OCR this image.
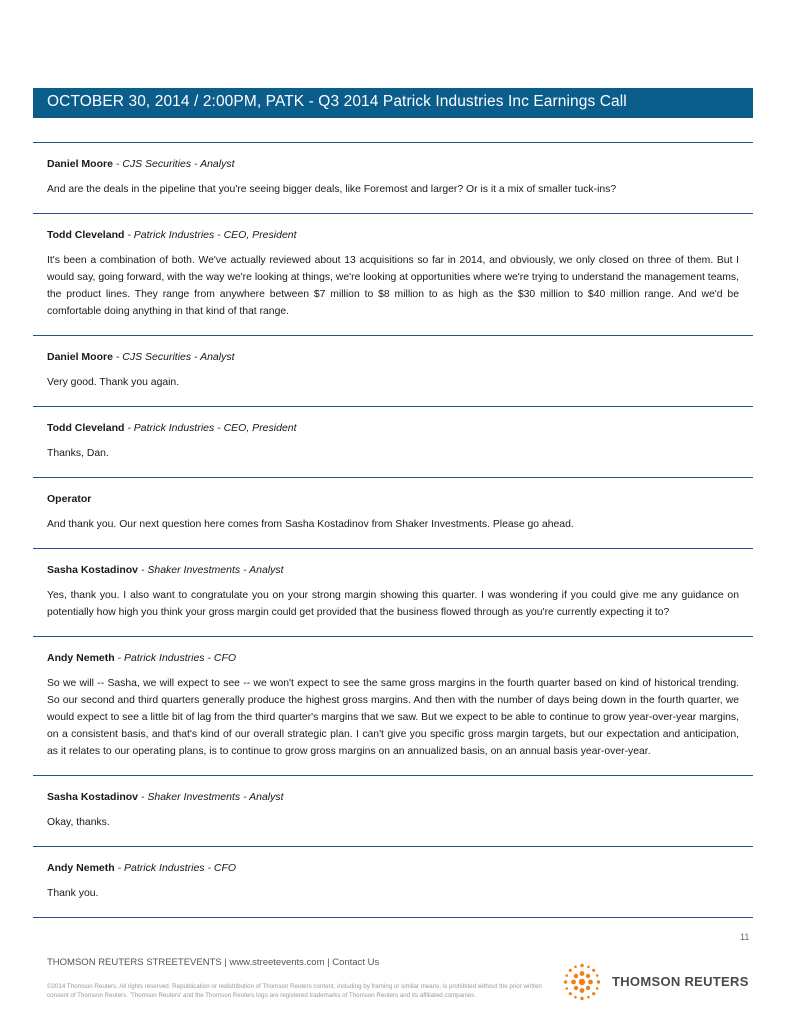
OCTOBER 30, 2014 / 2:00PM, PATK - Q3 2014 Patrick Industries Inc Earnings Call
Daniel Moore - CJS Securities - Analyst
And are the deals in the pipeline that you're seeing bigger deals, like Foremost and larger? Or is it a mix of smaller tuck-ins?
Todd Cleveland - Patrick Industries - CEO, President
It's been a combination of both. We've actually reviewed about 13 acquisitions so far in 2014, and obviously, we only closed on three of them. But I would say, going forward, with the way we're looking at things, we're looking at opportunities where we're trying to understand the management teams, the product lines. They range from anywhere between $7 million to $8 million to as high as the $30 million to $40 million range. And we'd be comfortable doing anything in that kind of that range.
Daniel Moore - CJS Securities - Analyst
Very good. Thank you again.
Todd Cleveland - Patrick Industries - CEO, President
Thanks, Dan.
Operator
And thank you. Our next question here comes from Sasha Kostadinov from Shaker Investments. Please go ahead.
Sasha Kostadinov - Shaker Investments - Analyst
Yes, thank you. I also want to congratulate you on your strong margin showing this quarter. I was wondering if you could give me any guidance on potentially how high you think your gross margin could get provided that the business flowed through as you're currently expecting it to?
Andy Nemeth - Patrick Industries - CFO
So we will -- Sasha, we will expect to see -- we won't expect to see the same gross margins in the fourth quarter based on kind of historical trending. So our second and third quarters generally produce the highest gross margins. And then with the number of days being down in the fourth quarter, we would expect to see a little bit of lag from the third quarter's margins that we saw. But we expect to be able to continue to grow year-over-year margins, on a consistent basis, and that's kind of our overall strategic plan. I can't give you specific gross margin targets, but our expectation and anticipation, as it relates to our operating plans, is to continue to grow gross margins on an annualized basis, on an annual basis year-over-year.
Sasha Kostadinov - Shaker Investments - Analyst
Okay, thanks.
Andy Nemeth - Patrick Industries - CFO
Thank you.
11
THOMSON REUTERS STREETEVENTS | www.streetevents.com | Contact Us
©2014 Thomson Reuters. All rights reserved. Republication or redistribution of Thomson Reuters content, including by framing or similar means, is prohibited without the prior written consent of Thomson Reuters. 'Thomson Reuters' and the Thomson Reuters logo are registered trademarks of Thomson Reuters and its affiliated companies.
THOMSON REUTERS
